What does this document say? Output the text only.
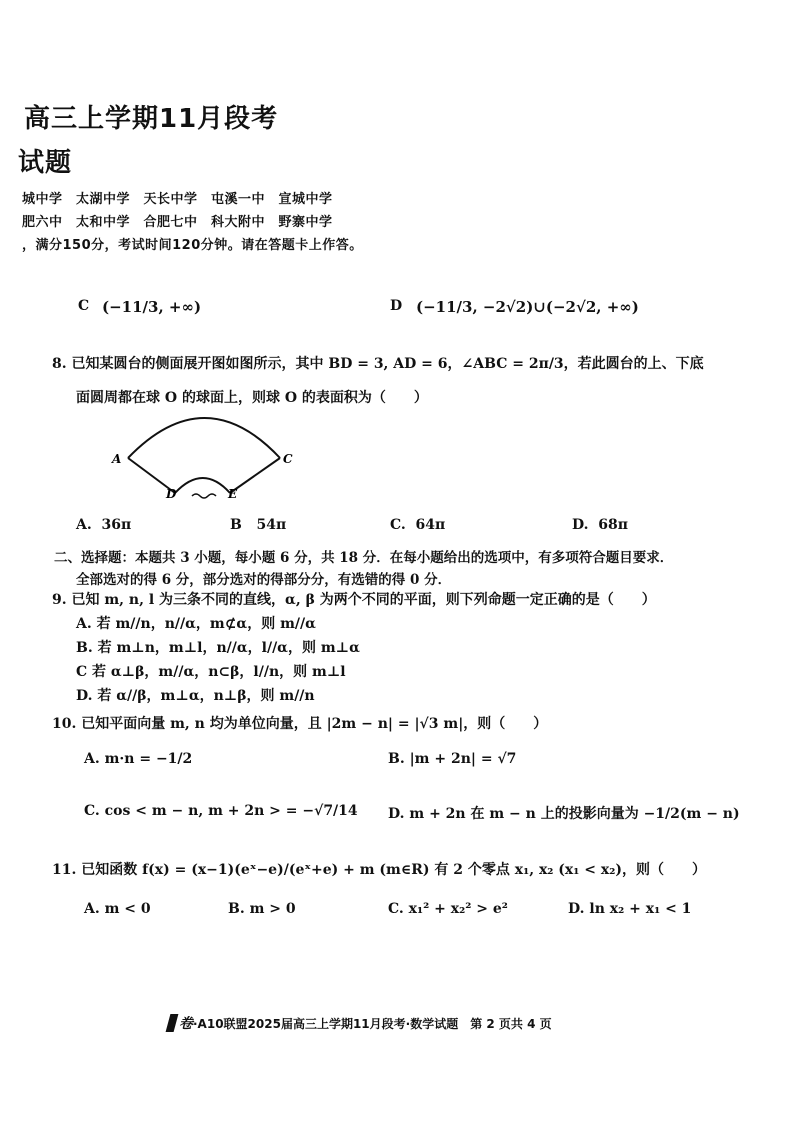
高三上学期11月段考
试题
城中学　太湖中学　天长中学　屯溪一中　宣城中学
肥六中　太和中学　合肥七中　科大附中　野寨中学
，满分150分，考试时间120分钟。请在答题卡上作答。
C (−11/3, +∞)	D (−11/3, −2√2)∪(−2√2, +∞)
8. 已知某圆台的侧面展开图如图所示，其中 BD = 3, AD = 6，∠ABC = 2π/3，若此圆台的上、下底
面圆周都在球 O 的球面上，则球 O 的表面积为（　　）
A	C
D	E
A. 36π	B 54π	C. 64π	D. 68π
二、选择题：本题共 3 小题，每小题 6 分，共 18 分．在每小题给出的选项中，有多项符合题目要求．
全部选对的得 6 分，部分选对的得部分分，有选错的得 0 分．
9. 已知 m, n, l 为三条不同的直线，α, β 为两个不同的平面，则下列命题一定正确的是（　　）
A. 若 m//n，n//α，m⊄α，则 m//α
B. 若 m⊥n，m⊥l，n//α，l//α，则 m⊥α
C 若 α⊥β，m//α，n⊂β，l//n，则 m⊥l
D. 若 α//β，m⊥α，n⊥β，则 m//n
10. 已知平面向量 m, n 均为单位向量，且 |2m − n| = |√3 m|，则（　　）
A. m·n = −1/2	B. |m + 2n| = √7
C. cos < m − n, m + 2n > = −√7/14 D. m + 2n 在 m − n 上的投影向量为 −1/2(m − n)
11. 已知函数 f(x) = (x−1)(eˣ−e)/(eˣ+e) + m (m∈R) 有 2 个零点 x₁, x₂ (x₁ < x₂)，则（　　）
A. m < 0	B. m > 0	C. x₁² + x₂² > e²	D. ln x₂ + x₁ < 1
卷 ·A10联盟2025届高三上学期11月段考·数学试题　第 2 页共 4 页
